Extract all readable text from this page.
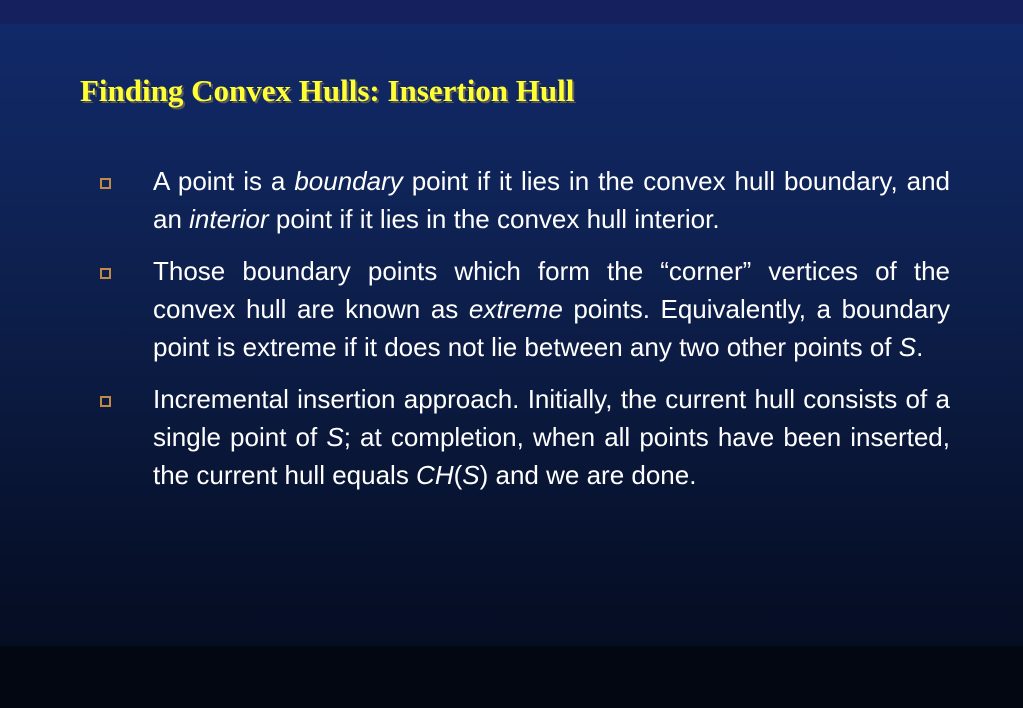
Finding Convex Hulls: Insertion Hull
A point is a boundary point if it lies in the convex hull boundary, and an interior point if it lies in the convex hull interior.
Those boundary points which form the “corner” vertices of the convex hull are known as extreme points. Equivalently, a boundary point is extreme if it does not lie between any two other points of S.
Incremental insertion approach. Initially, the current hull consists of a single point of S; at completion, when all points have been inserted, the current hull equals CH(S) and we are done.
